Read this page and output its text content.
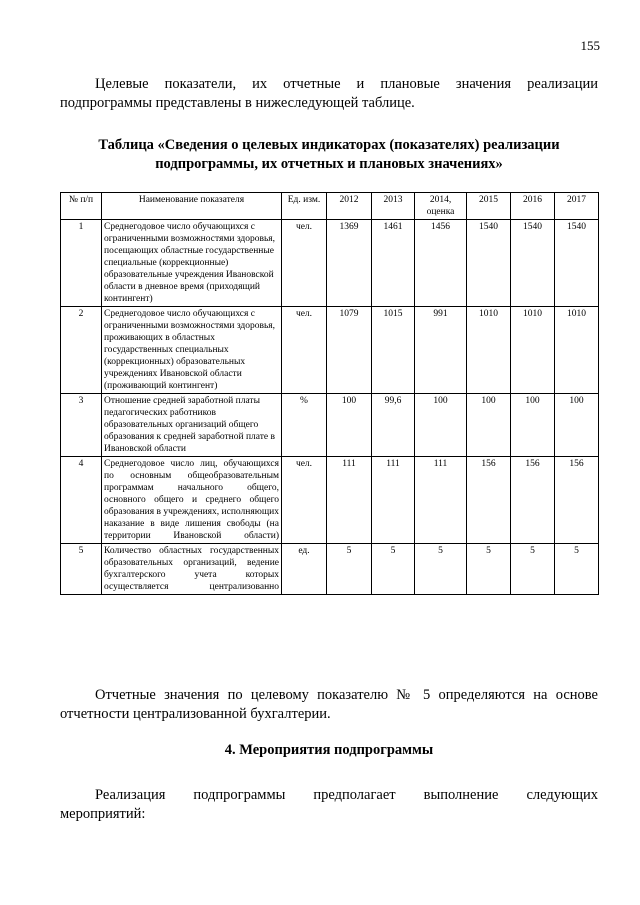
155
Целевые показатели, их отчетные и плановые значения реализации подпрограммы представлены в нижеследующей таблице.
Таблица «Сведения о целевых индикаторах (показателях) реализации
подпрограммы, их отчетных и плановых значениях»
№ п/п	Наименование показателя	Ед. изм.	2012	2013	2014, оценка	2015	2016	2017
1	Среднегодовое число обучающихся с ограниченными возможностями здоровья, посещающих областные государственные специальные (коррекционные) образовательные учреждения Ивановской области в дневное время (приходящий контингент)	чел.	1369	1461	1456	1540	1540	1540
2	Среднегодовое число обучающихся с ограниченными возможностями здоровья, проживающих в областных государственных специальных (коррекционных) образовательных учреждениях Ивановской области (проживающий контингент)	чел.	1079	1015	991	1010	1010	1010
3	Отношение средней заработной платы педагогических работников образовательных организаций общего образования к средней заработной плате в Ивановской области	%	100	99,6	100	100	100	100
4	Среднегодовое число лиц, обучающихся по основным общеобразовательным программам начального общего, основного общего и среднего общего образования в учреждениях, исполняющих наказание в виде лишения свободы (на территории Ивановской области)	чел.	111	111	111	156	156	156
5	Количество областных государственных образовательных организаций, ведение бухгалтерского учета которых осуществляется централизованно	ед.	5	5	5	5	5	5
Отчетные значения по целевому показателю № 5 определяются на основе отчетности централизованной бухгалтерии.
4. Мероприятия подпрограммы
Реализация подпрограммы предполагает выполнение следующих
мероприятий:
